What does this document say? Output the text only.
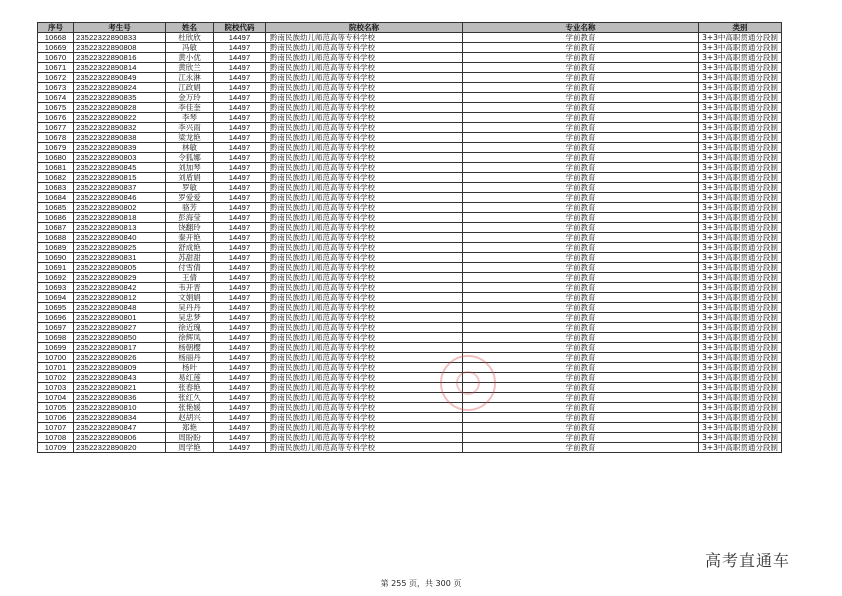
序号	考生号	姓名	院校代码	院校名称	专业名称	类别
10668	23522322890833	杜欣欣	14497	黔南民族幼儿师范高等专科学校	学前教育	3+3中高职贯通分段制
10669	23522322890808	冯敏	14497	黔南民族幼儿师范高等专科学校	学前教育	3+3中高职贯通分段制
10670	23522322890816	黄小优	14497	黔南民族幼儿师范高等专科学校	学前教育	3+3中高职贯通分段制
10671	23522322890814	黄欣兰	14497	黔南民族幼儿师范高等专科学校	学前教育	3+3中高职贯通分段制
10672	23522322890849	江永淋	14497	黔南民族幼儿师范高等专科学校	学前教育	3+3中高职贯通分段制
10673	23522322890824	江政娟	14497	黔南民族幼儿师范高等专科学校	学前教育	3+3中高职贯通分段制
10674	23522322890835	金万玲	14497	黔南民族幼儿师范高等专科学校	学前教育	3+3中高职贯通分段制
10675	23522322890828	李佳奎	14497	黔南民族幼儿师范高等专科学校	学前教育	3+3中高职贯通分段制
10676	23522322890822	李琴	14497	黔南民族幼儿师范高等专科学校	学前教育	3+3中高职贯通分段制
10677	23522322890832	李兴雨	14497	黔南民族幼儿师范高等专科学校	学前教育	3+3中高职贯通分段制
10678	23522322890838	梁龙艳	14497	黔南民族幼儿师范高等专科学校	学前教育	3+3中高职贯通分段制
10679	23522322890839	林敏	14497	黔南民族幼儿师范高等专科学校	学前教育	3+3中高职贯通分段制
10680	23522322890803	令狐娜	14497	黔南民族幼儿师范高等专科学校	学前教育	3+3中高职贯通分段制
10681	23522322890845	刘加琴	14497	黔南民族幼儿师范高等专科学校	学前教育	3+3中高职贯通分段制
10682	23522322890815	刘盾娟	14497	黔南民族幼儿师范高等专科学校	学前教育	3+3中高职贯通分段制
10683	23522322890837	罗敏	14497	黔南民族幼儿师范高等专科学校	学前教育	3+3中高职贯通分段制
10684	23522322890846	罗爱爱	14497	黔南民族幼儿师范高等专科学校	学前教育	3+3中高职贯通分段制
10685	23522322890802	骆芳	14497	黔南民族幼儿师范高等专科学校	学前教育	3+3中高职贯通分段制
10686	23522322890818	彭海莹	14497	黔南民族幼儿师范高等专科学校	学前教育	3+3中高职贯通分段制
10687	23522322890813	饶翻玲	14497	黔南民族幼儿师范高等专科学校	学前教育	3+3中高职贯通分段制
10688	23522322890840	秦开艳	14497	黔南民族幼儿师范高等专科学校	学前教育	3+3中高职贯通分段制
10689	23522322890825	舒成艳	14497	黔南民族幼儿师范高等专科学校	学前教育	3+3中高职贯通分段制
10690	23522322890831	苏甜甜	14497	黔南民族幼儿师范高等专科学校	学前教育	3+3中高职贯通分段制
10691	23522322890805	付雪倩	14497	黔南民族幼儿师范高等专科学校	学前教育	3+3中高职贯通分段制
10692	23522322890829	王倩	14497	黔南民族幼儿师范高等专科学校	学前教育	3+3中高职贯通分段制
10693	23522322890842	韦开晋	14497	黔南民族幼儿师范高等专科学校	学前教育	3+3中高职贯通分段制
10694	23522322890812	文娟娟	14497	黔南民族幼儿师范高等专科学校	学前教育	3+3中高职贯通分段制
10695	23522322890848	吴丹丹	14497	黔南民族幼儿师范高等专科学校	学前教育	3+3中高职贯通分段制
10696	23522322890801	吴忠梦	14497	黔南民族幼儿师范高等专科学校	学前教育	3+3中高职贯通分段制
10697	23522322890827	徐近瑰	14497	黔南民族幼儿师范高等专科学校	学前教育	3+3中高职贯通分段制
10698	23522322890850	徐辉凤	14497	黔南民族幼儿师范高等专科学校	学前教育	3+3中高职贯通分段制
10699	23522322890817	杨朝樱	14497	黔南民族幼儿师范高等专科学校	学前教育	3+3中高职贯通分段制
10700	23522322890826	杨丽丹	14497	黔南民族幼儿师范高等专科学校	学前教育	3+3中高职贯通分段制
10701	23522322890809	杨叶	14497	黔南民族幼儿师范高等专科学校	学前教育	3+3中高职贯通分段制
10702	23522322890843	易红莲	14497	黔南民族幼儿师范高等专科学校	学前教育	3+3中高职贯通分段制
10703	23522322890821	张春艳	14497	黔南民族幼儿师范高等专科学校	学前教育	3+3中高职贯通分段制
10704	23522322890836	张红久	14497	黔南民族幼儿师范高等专科学校	学前教育	3+3中高职贯通分段制
10705	23522322890810	张艳媛	14497	黔南民族幼儿师范高等专科学校	学前教育	3+3中高职贯通分段制
10706	23522322890834	赵胡兴	14497	黔南民族幼儿师范高等专科学校	学前教育	3+3中高职贯通分段制
10707	23522322890847	郑艳	14497	黔南民族幼儿师范高等专科学校	学前教育	3+3中高职贯通分段制
10708	23522322890806	周盼盼	14497	黔南民族幼儿师范高等专科学校	学前教育	3+3中高职贯通分段制
10709	23522322890820	周学艳	14497	黔南民族幼儿师范高等专科学校	学前教育	3+3中高职贯通分段制
第 255 页，共 300 页
高考直通车
